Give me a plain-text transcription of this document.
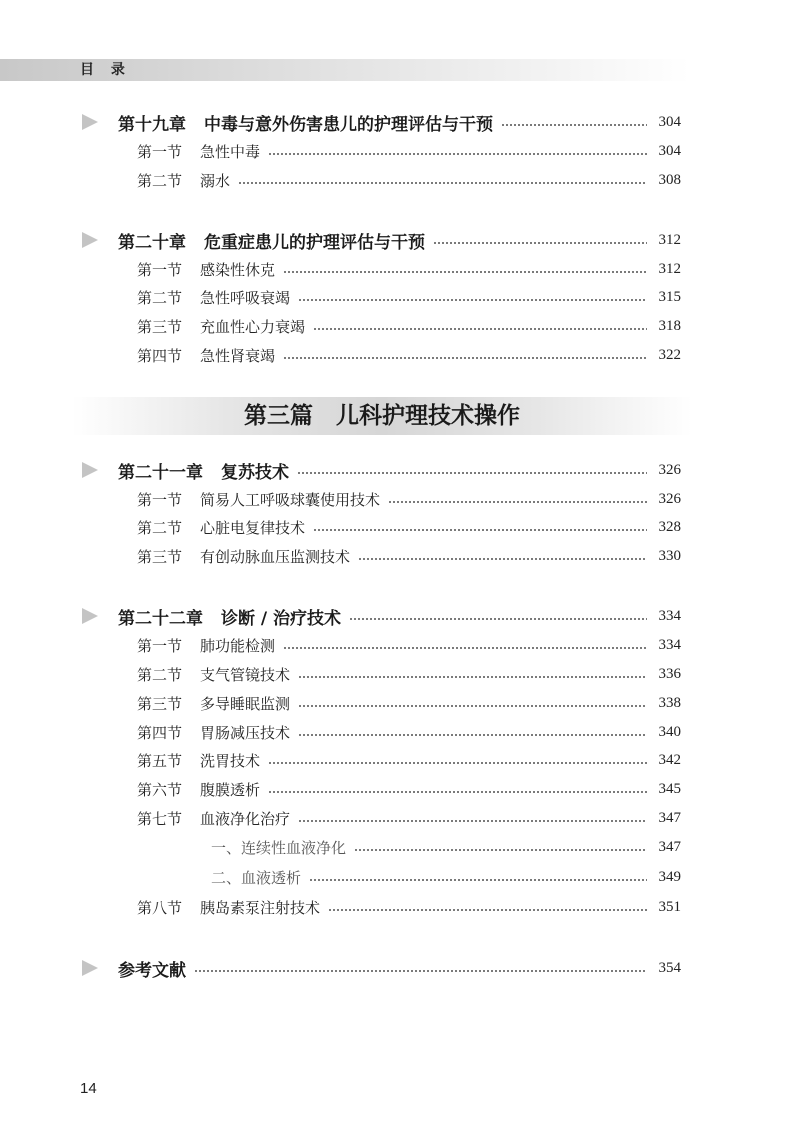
目 录
第十九章 中毒与意外伤害患儿的护理评估与干预	304
第一节 急性中毒	304
第二节 溺水	308
第二十章 危重症患儿的护理评估与干预	312
第一节 感染性休克	312
第二节 急性呼吸衰竭	315
第三节 充血性心力衰竭	318
第四节 急性肾衰竭	322
第三篇　儿科护理技术操作
第二十一章 复苏技术	326
第一节 简易人工呼吸球囊使用技术	326
第二节 心脏电复律技术	328
第三节 有创动脉血压监测技术	330
第二十二章 诊断 / 治疗技术	334
第一节 肺功能检测	334
第二节 支气管镜技术	336
第三节 多导睡眠监测	338
第四节 胃肠减压技术	340
第五节 洗胃技术	342
第六节 腹膜透析	345
第七节 血液净化治疗	347
一、连续性血液净化	347
二、血液透析	349
第八节 胰岛素泵注射技术	351
参考文献	354
14
